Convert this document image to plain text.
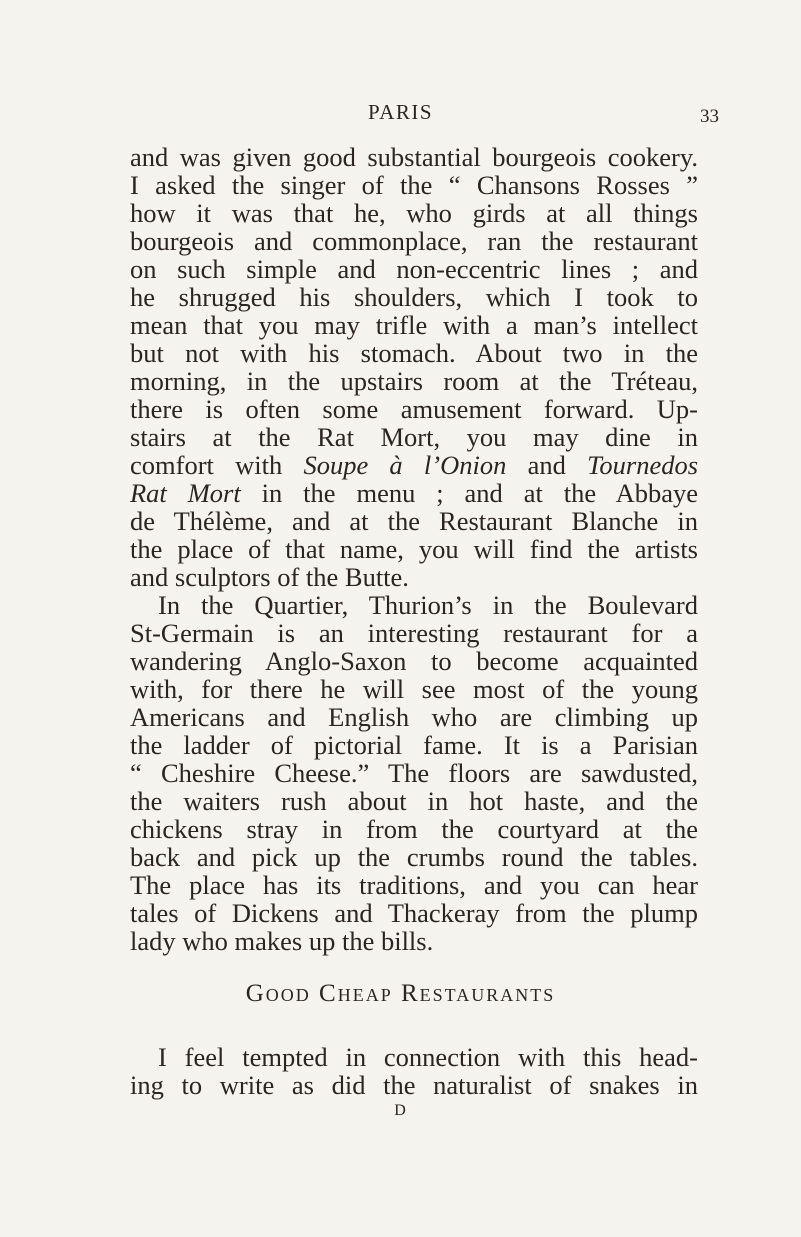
PARIS	33
and was given good substantial bourgeois cookery.
I asked the singer of the “ Chansons Rosses ”
how it was that he, who girds at all things
bourgeois and commonplace, ran the restaurant
on such simple and non-eccentric lines ; and
he shrugged his shoulders, which I took to
mean that you may trifle with a man’s intellect
but not with his stomach. About two in the
morning, in the upstairs room at the Tréteau,
there is often some amusement forward. Up-
stairs at the Rat Mort, you may dine in
comfort with Soupe à l’Onion and Tournedos
Rat Mort in the menu ; and at the Abbaye
de Thélème, and at the Restaurant Blanche in
the place of that name, you will find the artists
and sculptors of the Butte.
In the Quartier, Thurion’s in the Boulevard
St-Germain is an interesting restaurant for a
wandering Anglo-Saxon to become acquainted
with, for there he will see most of the young
Americans and English who are climbing up
the ladder of pictorial fame. It is a Parisian
“ Cheshire Cheese.” The floors are sawdusted,
the waiters rush about in hot haste, and the
chickens stray in from the courtyard at the
back and pick up the crumbs round the tables.
The place has its traditions, and you can hear
tales of Dickens and Thackeray from the plump
lady who makes up the bills.
Good Cheap Restaurants
I feel tempted in connection with this head-
ing to write as did the naturalist of snakes in
D
